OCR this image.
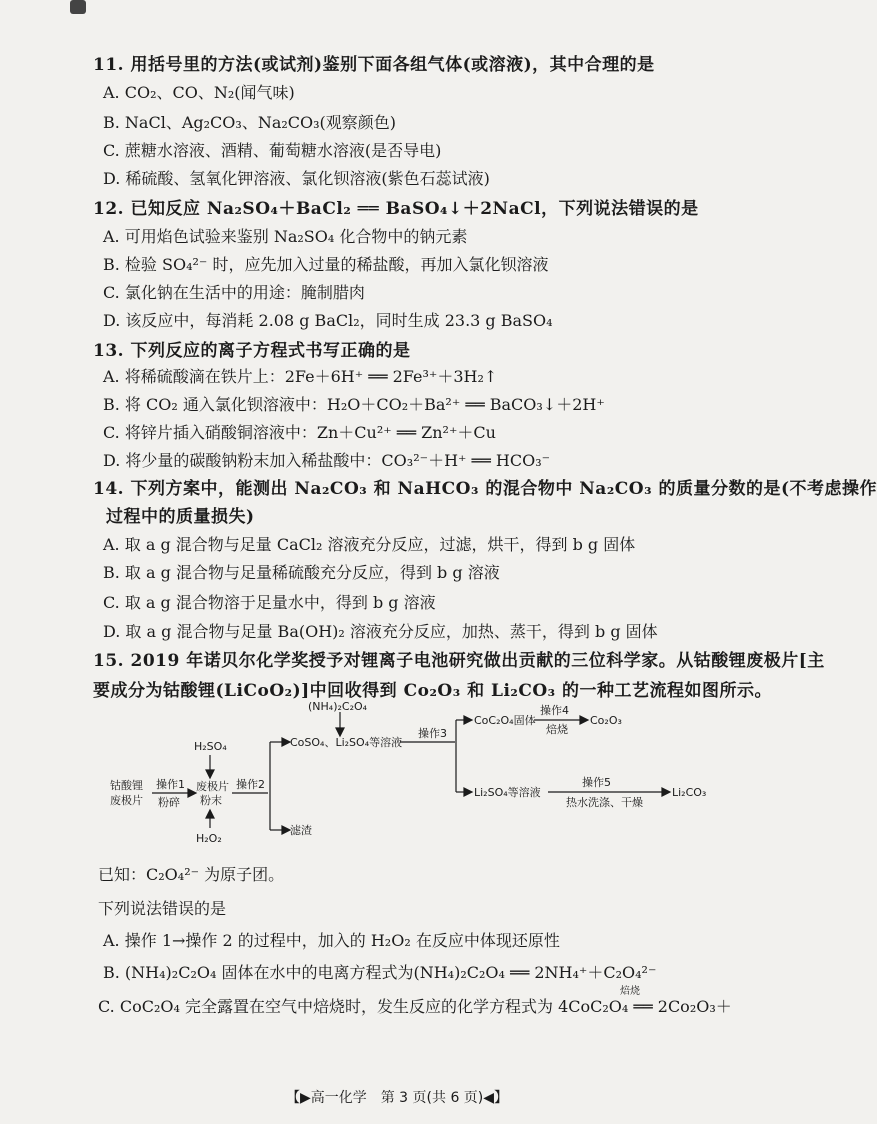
11. 用括号里的方法(或试剂)鉴别下面各组气体(或溶液)，其中合理的是
A. CO₂、CO、N₂(闻气味)
B. NaCl、Ag₂CO₃、Na₂CO₃(观察颜色)
C. 蔗糖水溶液、酒精、葡萄糖水溶液(是否导电)
D. 稀硫酸、氢氧化钾溶液、氯化钡溶液(紫色石蕊试液)
12. 已知反应 Na₂SO₄＋BaCl₂ ══ BaSO₄↓＋2NaCl，下列说法错误的是
A. 可用焰色试验来鉴别 Na₂SO₄ 化合物中的钠元素
B. 检验 SO₄²⁻ 时，应先加入过量的稀盐酸，再加入氯化钡溶液
C. 氯化钠在生活中的用途：腌制腊肉
D. 该反应中，每消耗 2.08 g BaCl₂，同时生成 23.3 g BaSO₄
13. 下列反应的离子方程式书写正确的是
A. 将稀硫酸滴在铁片上：2Fe＋6H⁺ ══ 2Fe³⁺＋3H₂↑
B. 将 CO₂ 通入氯化钡溶液中：H₂O＋CO₂＋Ba²⁺ ══ BaCO₃↓＋2H⁺
C. 将锌片插入硝酸铜溶液中：Zn＋Cu²⁺ ══ Zn²⁺＋Cu
D. 将少量的碳酸钠粉末加入稀盐酸中：CO₃²⁻＋H⁺ ══ HCO₃⁻
14. 下列方案中，能测出 Na₂CO₃ 和 NaHCO₃ 的混合物中 Na₂CO₃ 的质量分数的是(不考虑操作
过程中的质量损失)
A. 取 a g 混合物与足量 CaCl₂ 溶液充分反应，过滤，烘干，得到 b g 固体
B. 取 a g 混合物与足量稀硫酸充分反应，得到 b g 溶液
C. 取 a g 混合物溶于足量水中，得到 b g 溶液
D. 取 a g 混合物与足量 Ba(OH)₂ 溶液充分反应，加热、蒸干，得到 b g 固体
15. 2019 年诺贝尔化学奖授予对锂离子电池研究做出贡献的三位科学家。从钴酸锂废极片[主
要成分为钴酸锂(LiCoO₂)]中回收得到 Co₂O₃ 和 Li₂CO₃ 的一种工艺流程如图所示。
钴酸锂
废极片
操作1
粉碎
H₂SO₄
废极片
粉末
H₂O₂
操作2
CoSO₄、Li₂SO₄等溶液
滤渣
(NH₄)₂C₂O₄
操作3
CoC₂O₄固体
操作4
焙烧
Co₂O₃
Li₂SO₄等溶液
操作5
热水洗涤、干燥
Li₂CO₃
已知：C₂O₄²⁻ 为原子团。
下列说法错误的是
A. 操作 1→操作 2 的过程中，加入的 H₂O₂ 在反应中体现还原性
B. (NH₄)₂C₂O₄ 固体在水中的电离方程式为(NH₄)₂C₂O₄ ══ 2NH₄⁺＋C₂O₄²⁻
C. CoC₂O₄ 完全露置在空气中焙烧时，发生反应的化学方程式为 4CoC₂O₄ ══ 2Co₂O₃＋
焙烧
【▶高一化学　第 3 页(共 6 页)◀】
